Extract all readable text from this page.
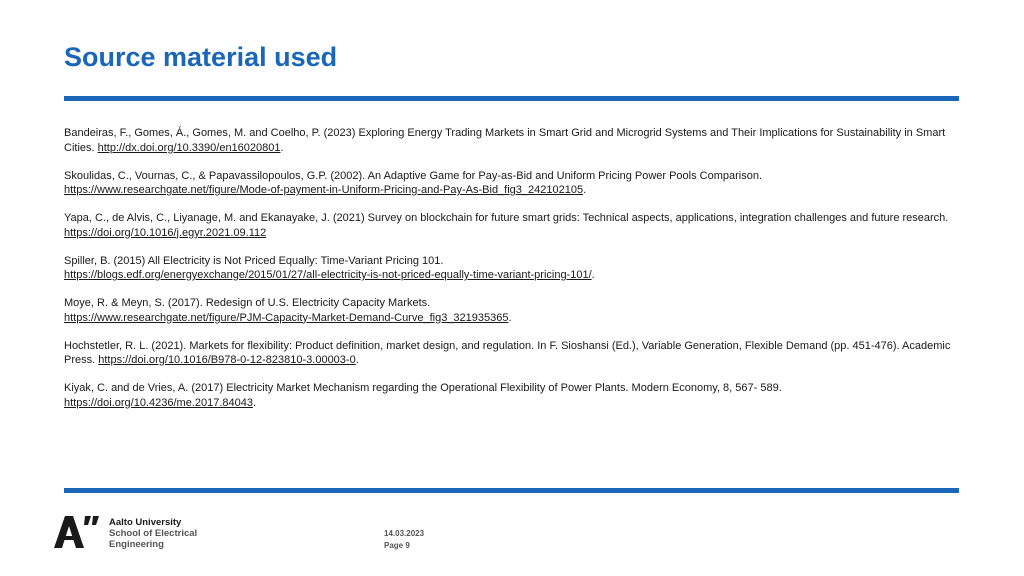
Source material used
Bandeiras, F., Gomes, Á., Gomes, M. and Coelho, P. (2023) Exploring Energy Trading Markets in Smart Grid and Microgrid Systems and Their Implications for Sustainability in Smart Cities. http://dx.doi.org/10.3390/en16020801.
Skoulidas, C., Vournas, C., & Papavassilopoulos, G.P. (2002). An Adaptive Game for Pay-as-Bid and Uniform Pricing Power Pools Comparison.
https://www.researchgate.net/figure/Mode-of-payment-in-Uniform-Pricing-and-Pay-As-Bid_fig3_242102105.
Yapa, C., de Alvis, C., Liyanage, M. and Ekanayake, J. (2021) Survey on blockchain for future smart grids: Technical aspects, applications, integration challenges and future research.
https://doi.org/10.1016/j.egyr.2021.09.112
Spiller, B. (2015) All Electricity is Not Priced Equally: Time-Variant Pricing 101.
https://blogs.edf.org/energyexchange/2015/01/27/all-electricity-is-not-priced-equally-time-variant-pricing-101/.
Moye, R. & Meyn, S. (2017). Redesign of U.S. Electricity Capacity Markets.
https://www.researchgate.net/figure/PJM-Capacity-Market-Demand-Curve_fig3_321935365.
Hochstetler, R. L. (2021). Markets for flexibility: Product definition, market design, and regulation. In F. Sioshansi (Ed.), Variable Generation, Flexible Demand (pp. 451-476). Academic Press. https://doi.org/10.1016/B978-0-12-823810-3.00003-0.
Kiyak, C. and de Vries, A. (2017) Electricity Market Mechanism regarding the Operational Flexibility of Power Plants. Modern Economy, 8, 567- 589.
https://doi.org/10.4236/me.2017.84043.
Aalto University
School of Electrical
Engineering
14.03.2023
Page 9
